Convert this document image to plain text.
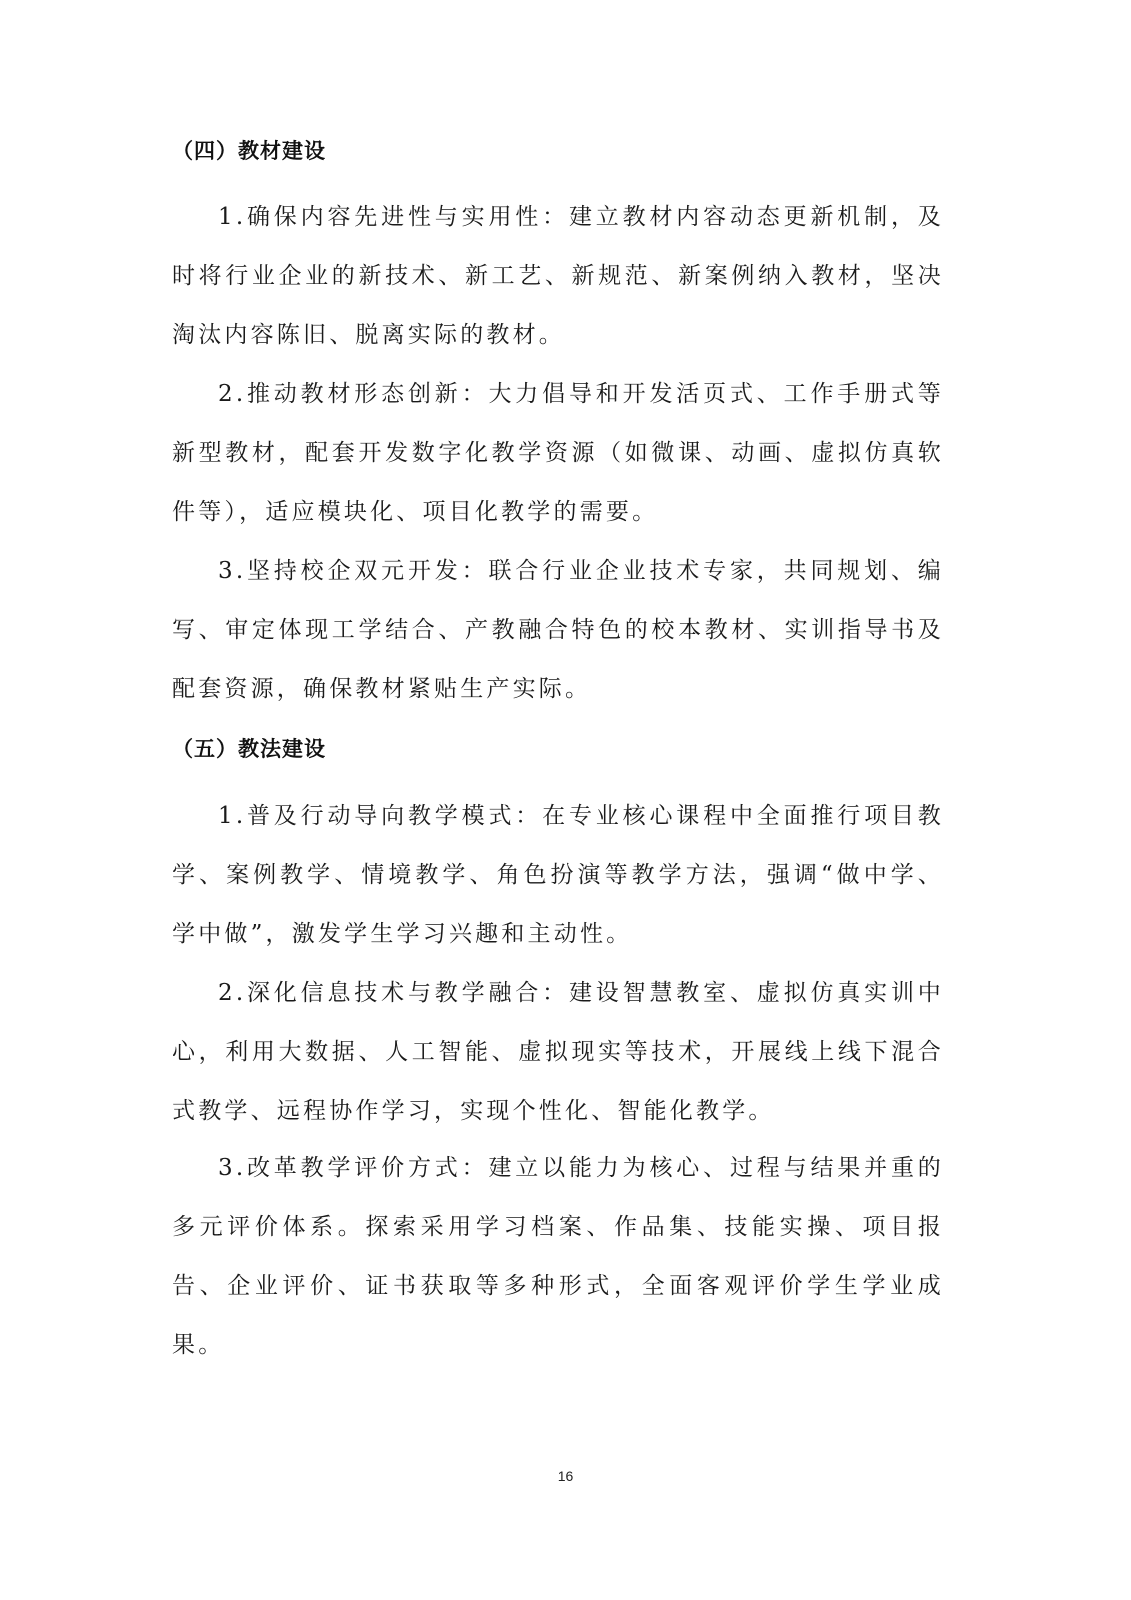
（四）教材建设
1.确保内容先进性与实用性：建立教材内容动态更新机制，及时将行业企业的新技术、新工艺、新规范、新案例纳入教材，坚决淘汰内容陈旧、脱离实际的教材。
2.推动教材形态创新：大力倡导和开发活页式、工作手册式等新型教材，配套开发数字化教学资源（如微课、动画、虚拟仿真软件等），适应模块化、项目化教学的需要。
3.坚持校企双元开发：联合行业企业技术专家，共同规划、编写、审定体现工学结合、产教融合特色的校本教材、实训指导书及配套资源，确保教材紧贴生产实际。
（五）教法建设
1.普及行动导向教学模式：在专业核心课程中全面推行项目教学、案例教学、情境教学、角色扮演等教学方法，强调“做中学、学中做”，激发学生学习兴趣和主动性。
2.深化信息技术与教学融合：建设智慧教室、虚拟仿真实训中心，利用大数据、人工智能、虚拟现实等技术，开展线上线下混合式教学、远程协作学习，实现个性化、智能化教学。
3.改革教学评价方式：建立以能力为核心、过程与结果并重的多元评价体系。探索采用学习档案、作品集、技能实操、项目报告、企业评价、证书获取等多种形式，全面客观评价学生学业成果。
16
